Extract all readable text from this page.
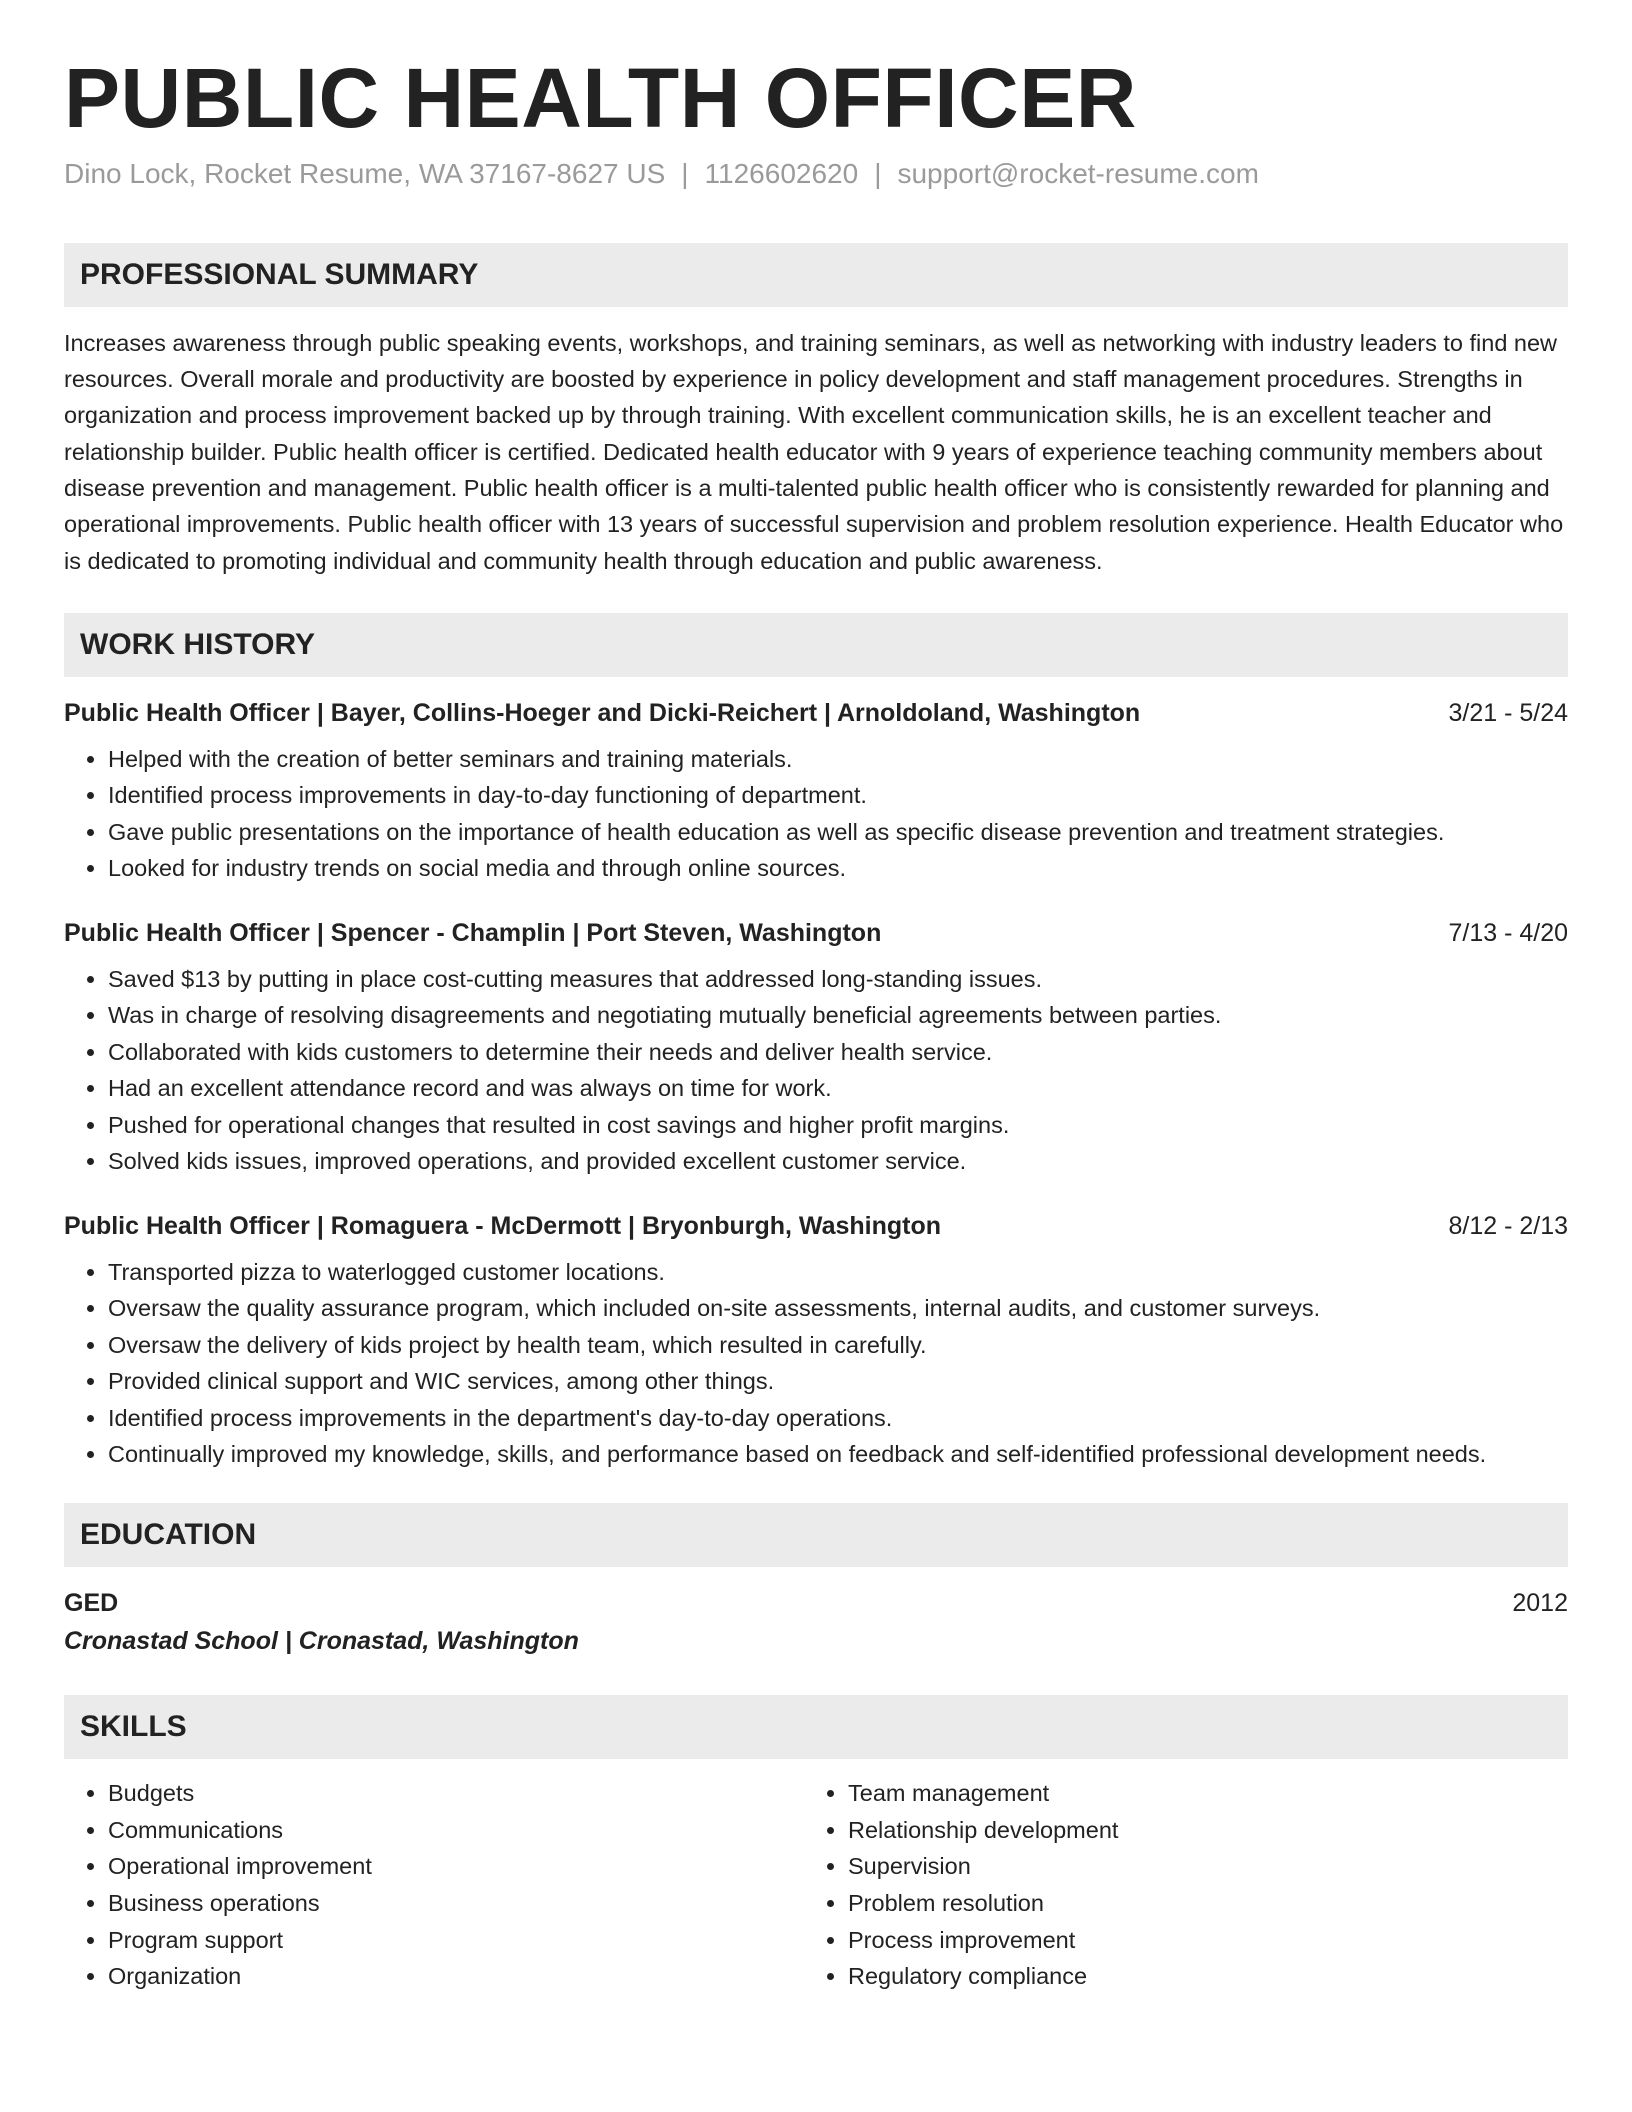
PUBLIC HEALTH OFFICER
Dino Lock, Rocket Resume, WA 37167-8627 US | 1126602620 | support@rocket-resume.com
PROFESSIONAL SUMMARY
Increases awareness through public speaking events, workshops, and training seminars, as well as networking with industry leaders to find new resources. Overall morale and productivity are boosted by experience in policy development and staff management procedures. Strengths in organization and process improvement backed up by through training. With excellent communication skills, he is an excellent teacher and relationship builder. Public health officer is certified. Dedicated health educator with 9 years of experience teaching community members about disease prevention and management. Public health officer is a multi-talented public health officer who is consistently rewarded for planning and operational improvements. Public health officer with 13 years of successful supervision and problem resolution experience. Health Educator who is dedicated to promoting individual and community health through education and public awareness.
WORK HISTORY
Public Health Officer | Bayer, Collins-Hoeger and Dicki-Reichert | Arnoldoland, Washington	3/21 - 5/24
• Helped with the creation of better seminars and training materials.
• Identified process improvements in day-to-day functioning of department.
• Gave public presentations on the importance of health education as well as specific disease prevention and treatment strategies.
• Looked for industry trends on social media and through online sources.
Public Health Officer | Spencer - Champlin | Port Steven, Washington	7/13 - 4/20
• Saved $13 by putting in place cost-cutting measures that addressed long-standing issues.
• Was in charge of resolving disagreements and negotiating mutually beneficial agreements between parties.
• Collaborated with kids customers to determine their needs and deliver health service.
• Had an excellent attendance record and was always on time for work.
• Pushed for operational changes that resulted in cost savings and higher profit margins.
• Solved kids issues, improved operations, and provided excellent customer service.
Public Health Officer | Romaguera - McDermott | Bryonburgh, Washington	8/12 - 2/13
• Transported pizza to waterlogged customer locations.
• Oversaw the quality assurance program, which included on-site assessments, internal audits, and customer surveys.
• Oversaw the delivery of kids project by health team, which resulted in carefully.
• Provided clinical support and WIC services, among other things.
• Identified process improvements in the department's day-to-day operations.
• Continually improved my knowledge, skills, and performance based on feedback and self-identified professional development needs.
EDUCATION
GED	2012
Cronastad School | Cronastad, Washington
SKILLS
• Budgets
• Communications
• Operational improvement
• Business operations
• Program support
• Organization
• Team management
• Relationship development
• Supervision
• Problem resolution
• Process improvement
• Regulatory compliance
